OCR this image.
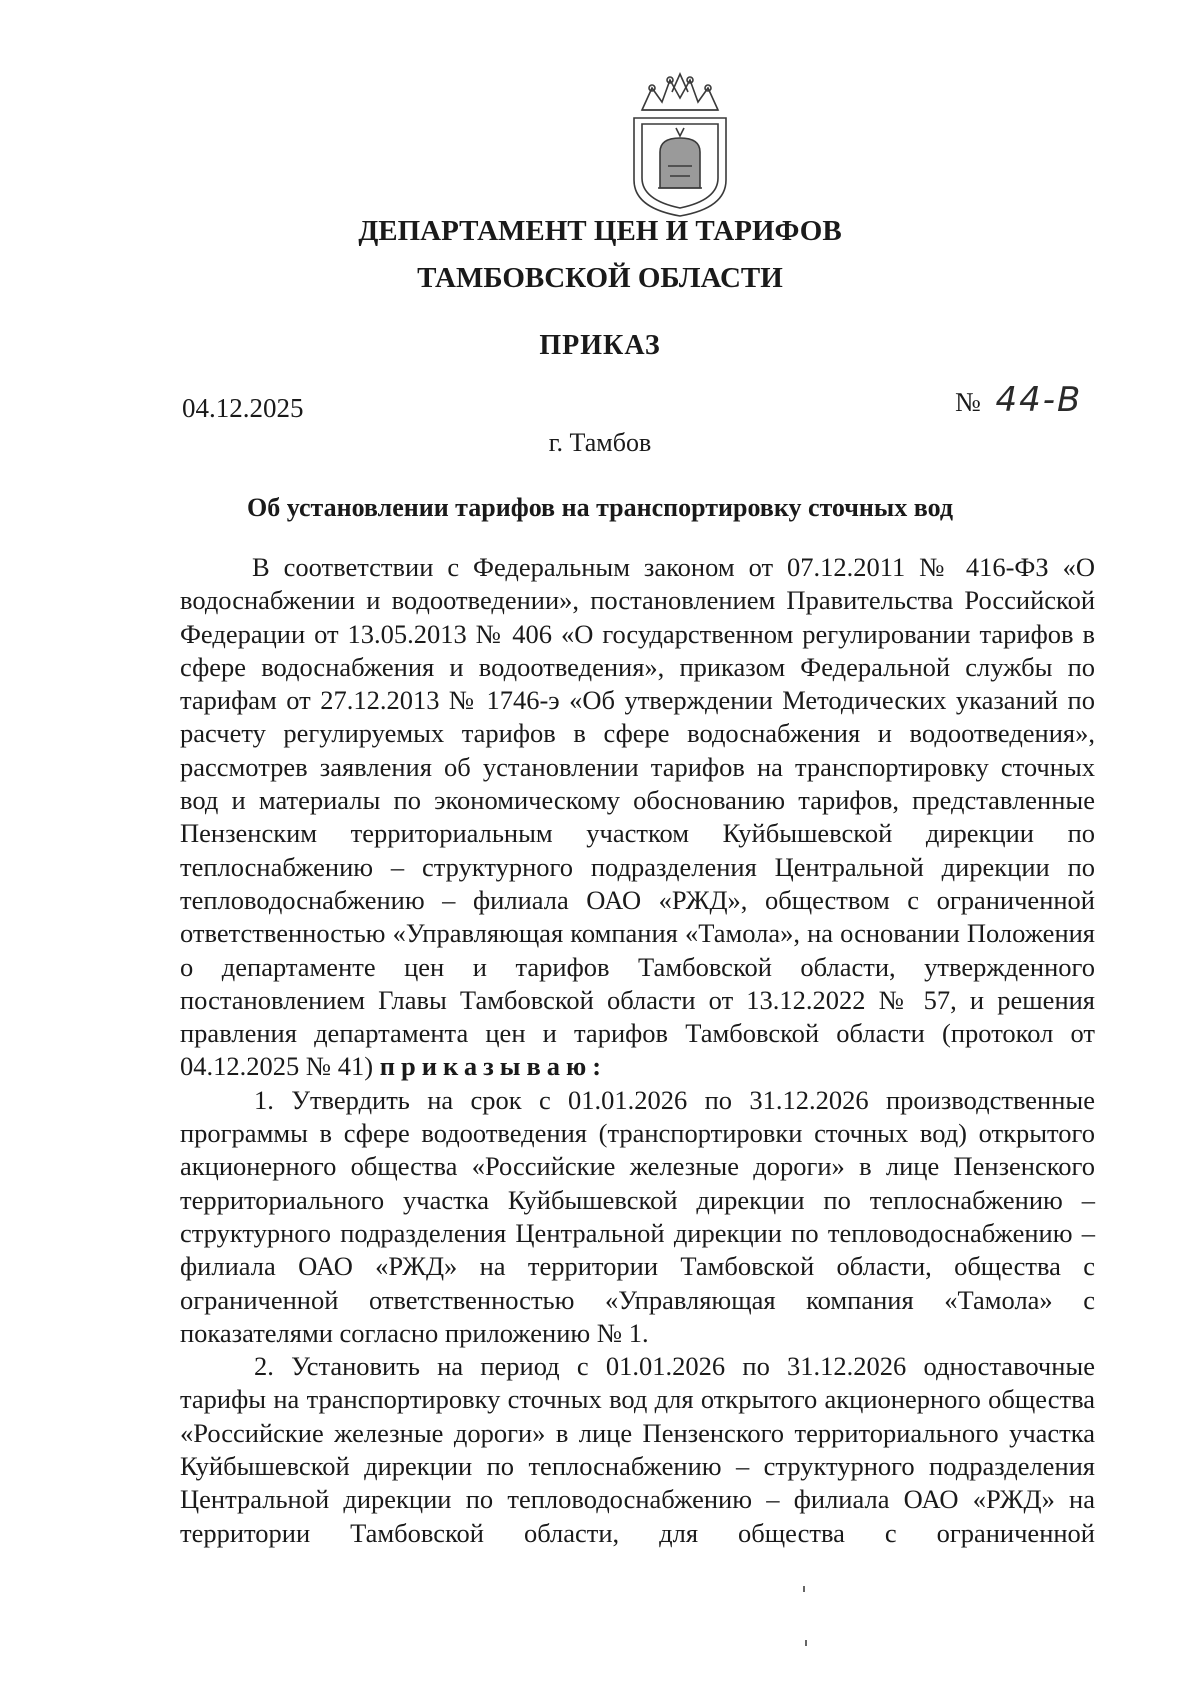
ДЕПАРТАМЕНТ ЦЕН И ТАРИФОВ
ТАМБОВСКОЙ ОБЛАСТИ
ПРИКАЗ
04.12.2025	№ 44-В
г. Тамбов
Об установлении тарифов на транспортировку сточных вод

В соответствии с Федеральным законом от 07.12.2011 № 416-ФЗ «О водоснабжении и водоотведении», постановлением Правительства Российской Федерации от 13.05.2013 № 406 «О государственном регулировании тарифов в сфере водоснабжения и водоотведения», приказом Федеральной службы по тарифам от 27.12.2013 № 1746-э «Об утверждении Методических указаний по расчету регулируемых тарифов в сфере водоснабжения и водоотведения», рассмотрев заявления об установлении тарифов на транспортировку сточных вод и материалы по экономическому обоснованию тарифов, представленные Пензенским территориальным участком Куйбышевской дирекции по теплоснабжению – структурного подразделения Центральной дирекции по тепловодоснабжению – филиала ОАО «РЖД», обществом с ограниченной ответственностью «Управляющая компания «Тамола», на основании Положения о департаменте цен и тарифов Тамбовской области, утвержденного постановлением Главы Тамбовской области от 13.12.2022 № 57, и решения правления департамента цен и тарифов Тамбовской области (протокол от 04.12.2025 № 41) приказываю:

1. Утвердить на срок с 01.01.2026 по 31.12.2026 производственные программы в сфере водоотведения (транспортировки сточных вод) открытого акционерного общества «Российские железные дороги» в лице Пензенского территориального участка Куйбышевской дирекции по теплоснабжению – структурного подразделения Центральной дирекции по тепловодоснабжению – филиала ОАО «РЖД» на территории Тамбовской области, общества с ограниченной ответственностью «Управляющая компания «Тамола» с показателями согласно приложению № 1.

2. Установить на период с 01.01.2026 по 31.12.2026 одноставочные тарифы на транспортировку сточных вод для открытого акционерного общества «Российские железные дороги» в лице Пензенского территориального участка Куйбышевской дирекции по теплоснабжению – структурного подразделения Центральной дирекции по тепловодоснабжению – филиала ОАО «РЖД» на территории Тамбовской области, для общества с ограниченной
